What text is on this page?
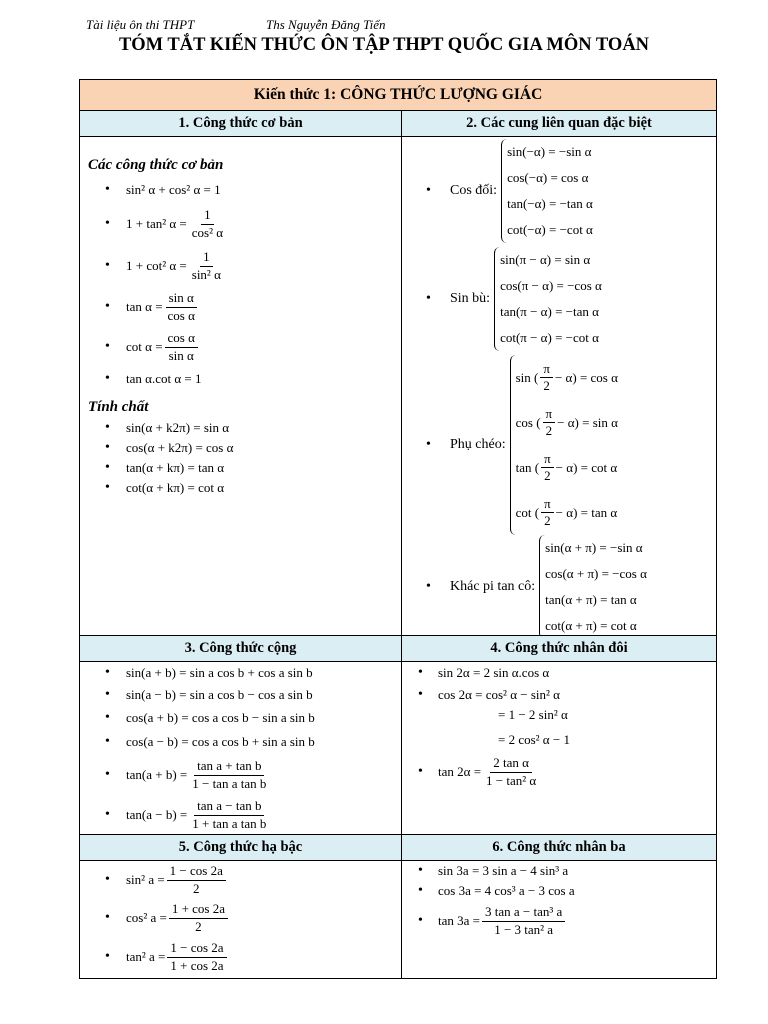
Tài liệu ôn thi THPT	Ths Nguyễn Đăng Tiến
TÓM TẮT KIẾN THỨC ÔN TẬP THPT QUỐC GIA MÔN TOÁN
Kiến thức 1: CÔNG THỨC LƯỢNG GIÁC
1. Công thức cơ bản	2. Các cung liên quan đặc biệt
Các công thức cơ bản
• sin² α + cos² α = 1
• 1 + tan² $\alpha = \frac{1}{\text{cos² α}}$
• 1 + cot² $\alpha = \frac{1}{\text{sin² α}}$
• $\tan \alpha = \frac{\text{sin α}}{\text{cos α}}$
• $\cot \alpha = \frac{\text{cos α}}{\text{sin α}}$
• tan α.cot α = 1
Tính chất
• sin(α + k2π) = sin α
• cos(α + k2π) = cos α
• tan(α + kπ) = tan α
• cot(α + kπ) = cot α
•	Cos đối:
sin(−α) = −sin α
cos(−α) = cos α
tan(−α) = −tan α
cot(−α) = −cot α
•	Sin bù:
sin(π − α) = sin α
cos(π − α) = −cos α
tan(π − α) = −tan α
cot(π − α) = −cot α
•	Phụ chéo:
sin ( $\frac{\pi}{2} - \alpha$)
= cos α
cos ( $\frac{\pi}{2} - \alpha$)
= sin α
tan ( $\frac{\pi}{2} - \alpha$)
= cot α
cot ( $\frac{\pi}{2} - \alpha$)
= tan α
•	Khác pi tan cô:
sin(α + π) = −sin α
cos(α + π) = −cos α
tan(α + π) = tan α
cot(α + π) = cot α
3. Công thức cộng	4. Công thức nhân đôi
• sin(a + b) = sin a cos b + cos a sin b
• sin(a − b) = sin a cos b − cos a sin b
• cos(a + b) = cos a cos b − sin a sin b
• cos(a − b) = cos a cos b + sin a sin b
• $\tan(a + b) = \frac{\text{tan a + tan b}}{\text{1 − tan a tan b}}$
• $\tan(a - b) = \frac{\text{tan a − tan b}}{\text{1 + tan a tan b}}$
• sin 2α = 2 sin α.cos α
• cos 2α = cos² α − sin² α
= 1 − 2 sin² α
= 2 cos² α − 1
• $\tan 2\alpha = \frac{\text{2 tan α}}{\text{1 − tan² α}}$
5. Công thức hạ bậc	6. Công thức nhân ba
• sin² $a = \frac{1 - \cos 2a}{2}$
• cos² $a = \frac{1 + \cos 2a}{2}$
• tan² $a = \frac{1 - \cos 2a}{1 + \cos 2a}$
• sin 3a = 3 sin a − 4 sin³ a
• cos 3a = 4 cos³ a − 3 cos a
• $\tan 3a = \frac{\text{3 tan a − tan³ a}}{\text{1 − 3 tan² a}}$
